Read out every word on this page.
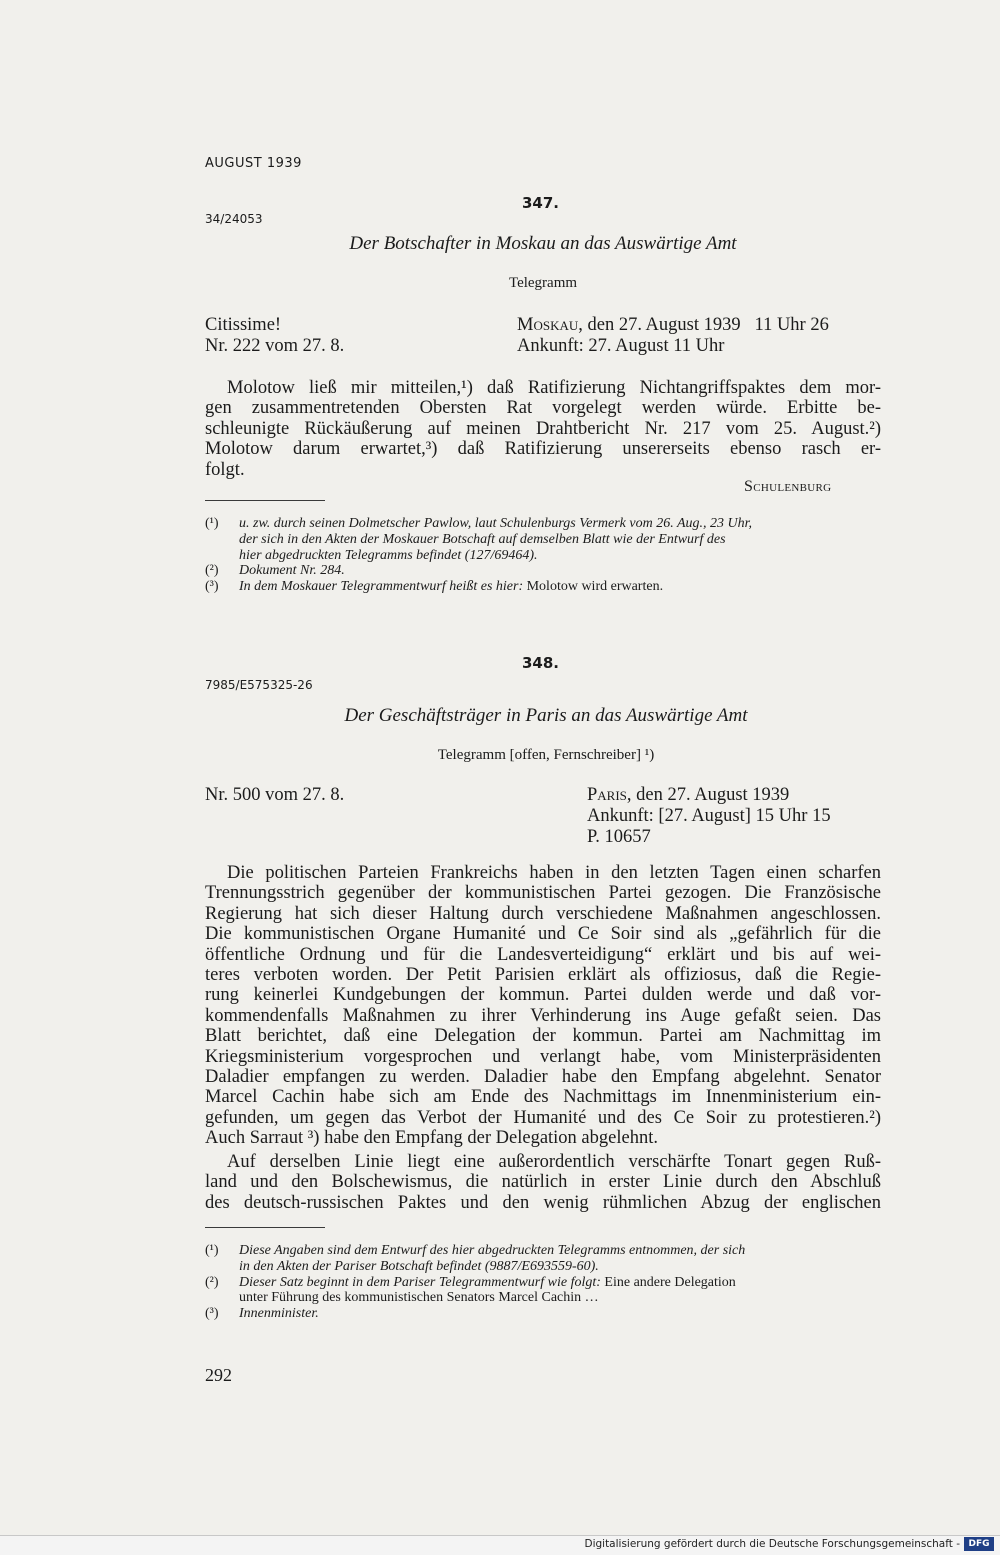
AUGUST 1939
347.
34/24053
Der Botschafter in Moskau an das Auswärtige Amt
Telegramm
Citissime!
Nr. 222 vom 27. 8.
Moskau, den 27. August 1939   11 Uhr 26
Ankunft: 27. August 11 Uhr
Molotow ließ mir mitteilen,¹) daß Ratifizierung Nichtangriffspaktes dem mor-
gen zusammentretenden Obersten Rat vorgelegt werden würde. Erbitte be-
schleunigte Rückäußerung auf meinen Drahtbericht Nr. 217 vom 25. August.²)
Molotow darum erwartet,³) daß Ratifizierung unsererseits ebenso rasch er-
folgt.
Schulenburg
(¹) u. zw. durch seinen Dolmetscher Pawlow, laut Schulenburgs Vermerk vom 26. Aug., 23 Uhr,
der sich in den Akten der Moskauer Botschaft auf demselben Blatt wie der Entwurf des
hier abgedruckten Telegramms befindet (127/69464).
(²) Dokument Nr. 284.
(³) In dem Moskauer Telegrammentwurf heißt es hier: Molotow wird erwarten.
348.
7985/E575325-26
Der Geschäftsträger in Paris an das Auswärtige Amt
Telegramm [offen, Fernschreiber] ¹)
Nr. 500 vom 27. 8.	Paris, den 27. August 1939
Ankunft: [27. August] 15 Uhr 15
P. 10657
Die politischen Parteien Frankreichs haben in den letzten Tagen einen scharfen
Trennungsstrich gegenüber der kommunistischen Partei gezogen. Die Französische
Regierung hat sich dieser Haltung durch verschiedene Maßnahmen angeschlossen.
Die kommunistischen Organe Humanité und Ce Soir sind als „gefährlich für die
öffentliche Ordnung und für die Landesverteidigung“ erklärt und bis auf wei-
teres verboten worden. Der Petit Parisien erklärt als offiziosus, daß die Regie-
rung keinerlei Kundgebungen der kommun. Partei dulden werde und daß vor-
kommendenfalls Maßnahmen zu ihrer Verhinderung ins Auge gefaßt seien. Das
Blatt berichtet, daß eine Delegation der kommun. Partei am Nachmittag im
Kriegsministerium vorgesprochen und verlangt habe, vom Ministerpräsidenten
Daladier empfangen zu werden. Daladier habe den Empfang abgelehnt. Senator
Marcel Cachin habe sich am Ende des Nachmittags im Innenministerium ein-
gefunden, um gegen das Verbot der Humanité und des Ce Soir zu protestieren.²)
Auch Sarraut ³) habe den Empfang der Delegation abgelehnt.
Auf derselben Linie liegt eine außerordentlich verschärfte Tonart gegen Ruß-
land und den Bolschewismus, die natürlich in erster Linie durch den Abschluß
des deutsch-russischen Paktes und den wenig rühmlichen Abzug der englischen
(¹) Diese Angaben sind dem Entwurf des hier abgedruckten Telegramms entnommen, der sich
in den Akten der Pariser Botschaft befindet (9887/E693559-60).
(²) Dieser Satz beginnt in dem Pariser Telegrammentwurf wie folgt: Eine andere Delegation
unter Führung des kommunistischen Senators Marcel Cachin …
(³) Innenminister.
292
Digitalisierung gefördert durch die Deutsche Forschungsgemeinschaft - DFG
